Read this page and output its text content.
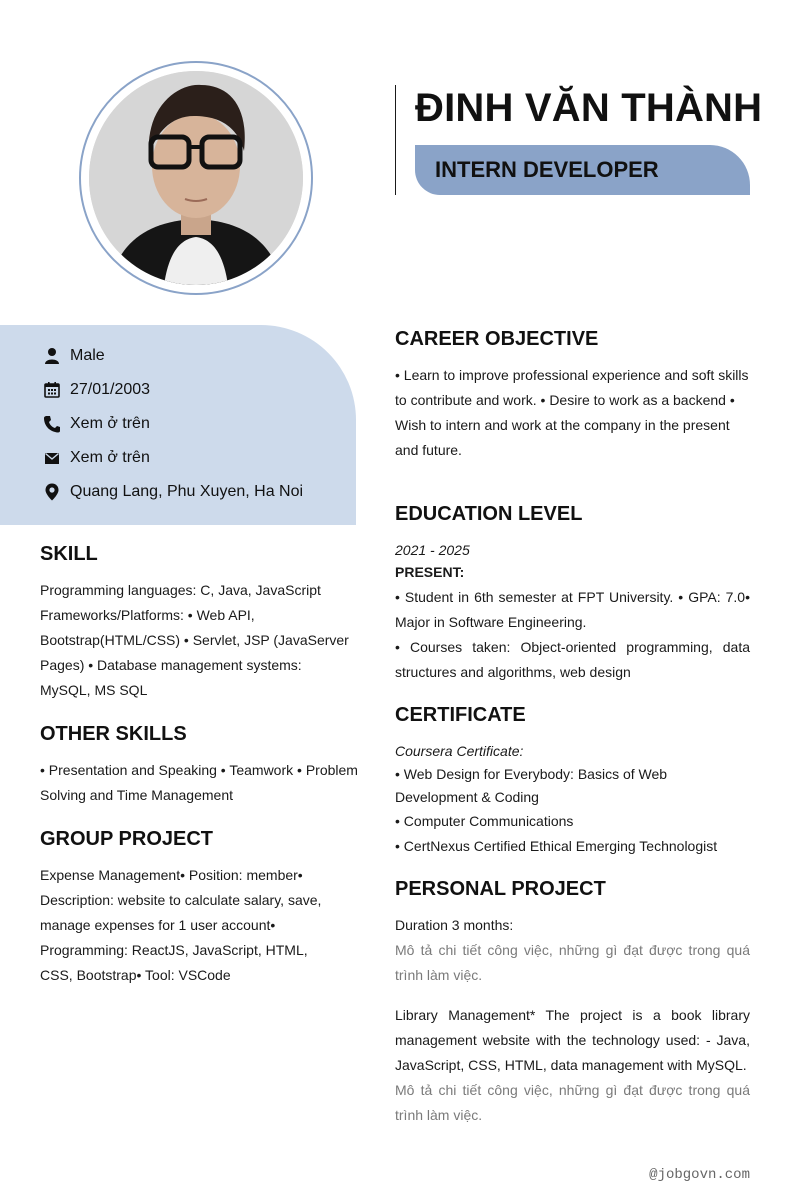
ĐINH VĂN THÀNH
INTERN DEVELOPER
Male
27/01/2003
Xem ở trên
Xem ở trên
Quang Lang, Phu Xuyen, Ha Noi
SKILL

Programming languages: C, Java, JavaScript Frameworks/Platforms: • Web API, Bootstrap(HTML/CSS) • Servlet, JSP (JavaServer Pages) • Database management systems: MySQL, MS SQL

OTHER SKILLS

• Presentation and Speaking • Teamwork • Problem Solving and Time Management

GROUP PROJECT

Expense Management• Position: member• Description: website to calculate salary, save, manage expenses for 1 user account• Programming: ReactJS, JavaScript, HTML, CSS, Bootstrap• Tool: VSCode

CAREER OBJECTIVE

• Learn to improve professional experience and soft skills to contribute and work. • Desire to work as a backend • Wish to intern and work at the company in the present and future.

EDUCATION LEVEL
2021 - 2025
PRESENT:

• Student in 6th semester at FPT University. • GPA: 7.0• Major in Software Engineering.

• Courses taken: Object-oriented programming, data structures and algorithms, web design

CERTIFICATE
Coursera Certificate:
• Web Design for Everybody: Basics of Web Development & Coding
• Computer Communications
• CertNexus Certified Ethical Emerging Technologist
PERSONAL PROJECT

Duration 3 months:

Mô tả chi tiết công việc, những gì đạt được trong quá trình làm việc.

Library Management* The project is a book library management website with the technology used: - Java, JavaScript, CSS, HTML, data management with MySQL.

Mô tả chi tiết công việc, những gì đạt được trong quá trình làm việc.

@jobgovn.com
